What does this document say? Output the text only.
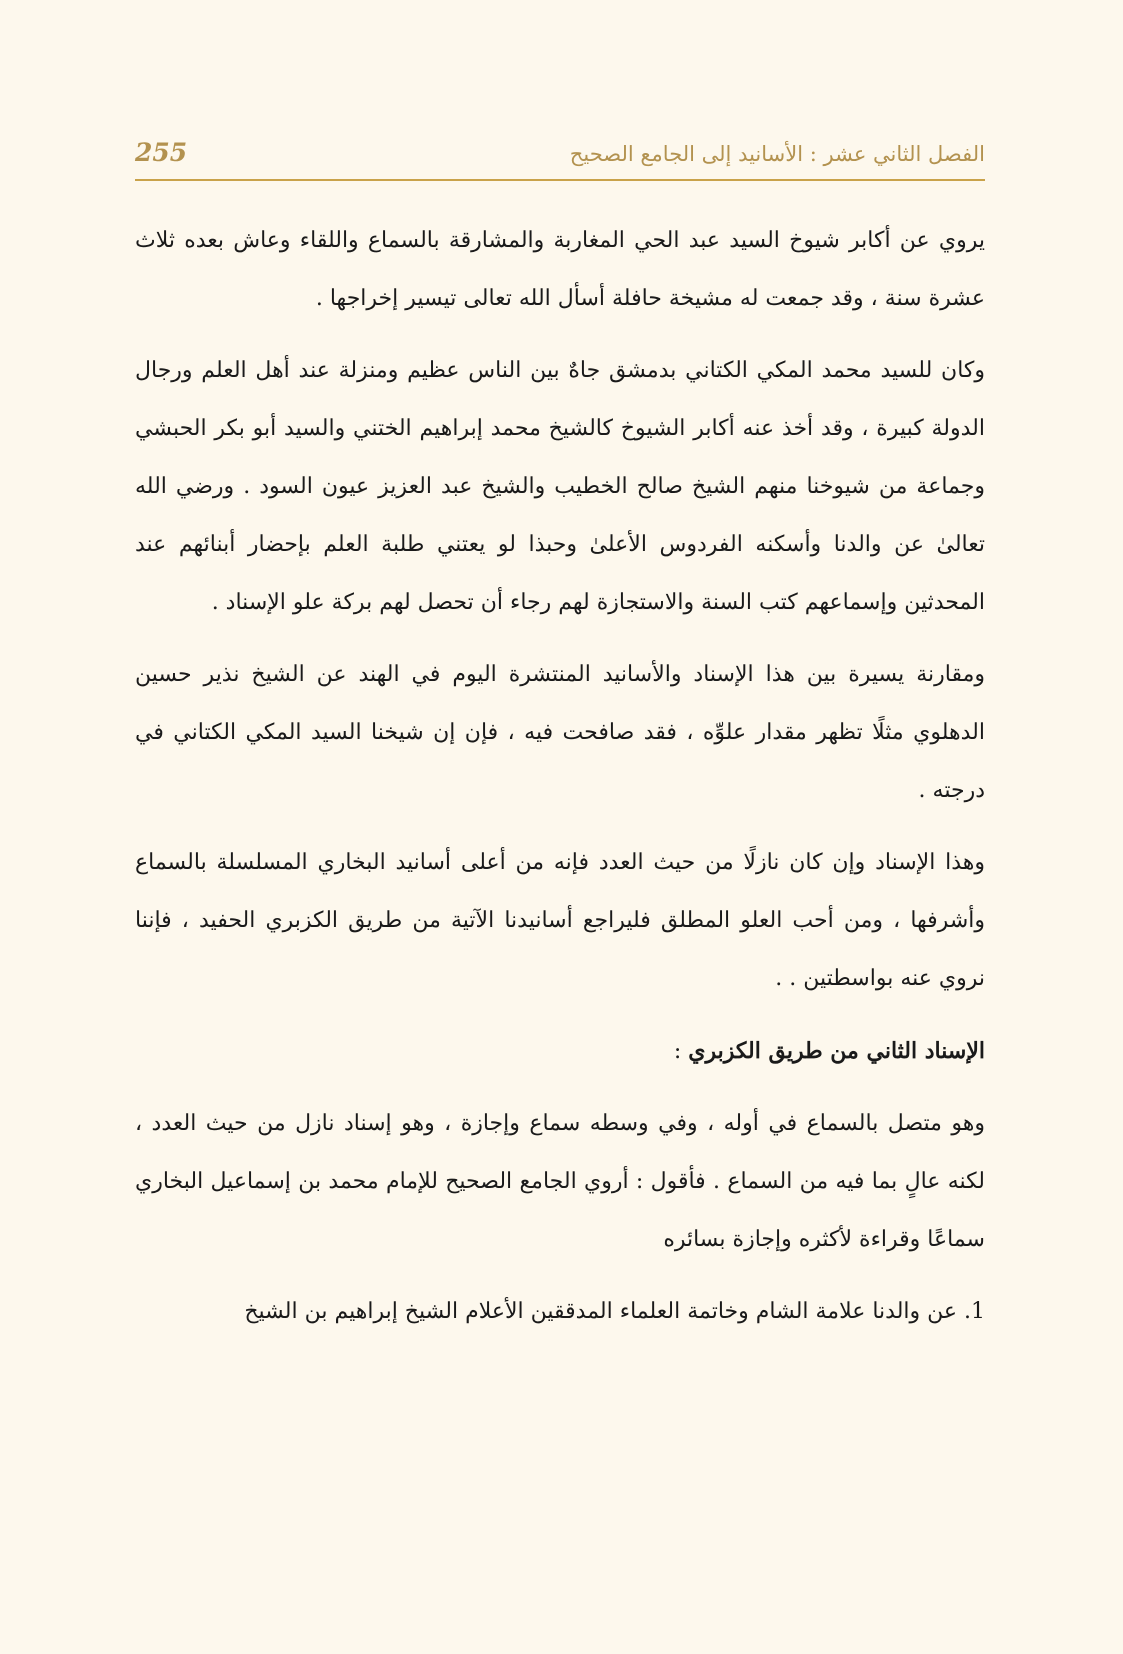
الفصل الثاني عشر : الأسانيد إلى الجامع الصحيح
255

يروي عن أكابر شيوخ السيد عبد الحي المغاربة والمشارقة بالسماع واللقاء وعاش بعده ثلاث عشرة سنة ، وقد جمعت له مشيخة حافلة أسأل الله تعالى تيسير إخراجها .

وكان للسيد محمد المكي الكتاني بدمشق جاهٌ بين الناس عظيم ومنزلة عند أهل العلم ورجال الدولة كبيرة ، وقد أخذ عنه أكابر الشيوخ كالشيخ محمد إبراهيم الختني والسيد أبو بكر الحبشي وجماعة من شيوخنا منهم الشيخ صالح الخطيب والشيخ عبد العزيز عيون السود . ورضي الله تعالىٰ عن والدنا وأسكنه الفردوس الأعلىٰ وحبذا لو يعتني طلبة العلم بإحضار أبنائهم عند المحدثين وإسماعهم كتب السنة والاستجازة لهم رجاء أن تحصل لهم بركة علو الإسناد .

ومقارنة يسيرة بين هذا الإسناد والأسانيد المنتشرة اليوم في الهند عن الشيخ نذير حسين الدهلوي مثلًا تظهر مقدار علوِّه ، فقد صافحت فيه ، فإن إن شيخنا السيد المكي الكتاني في درجته .

وهذا الإسناد وإن كان نازلًا من حيث العدد فإنه من أعلى أسانيد البخاري المسلسلة بالسماع وأشرفها ، ومن أحب العلو المطلق فليراجع أسانيدنا الآتية من طريق الكزبري الحفيد ، فإننا نروي عنه بواسطتين . .

الإسناد الثاني من طريق الكزبري :

وهو متصل بالسماع في أوله ، وفي وسطه سماع وإجازة ، وهو إسناد نازل من حيث العدد ، لكنه عالٍ بما فيه من السماع . فأقول : أروي الجامع الصحيح للإمام محمد بن إسماعيل البخاري سماعًا وقراءة لأكثره وإجازة بسائره

1. عن والدنا علامة الشام وخاتمة العلماء المدققين الأعلام الشيخ إبراهيم بن الشيخ
